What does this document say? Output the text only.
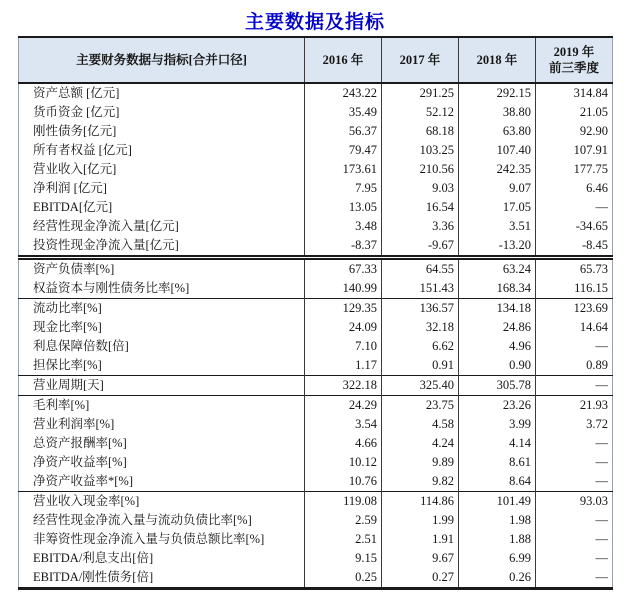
主要数据及指标
主要财务数据与指标[合并口径]	2016 年	2017 年	2018 年	2019 年
前三季度

资产总额 [亿元]	243.22	291.25	292.15	314.84
货币资金 [亿元]	35.49	52.12	38.80	21.05
刚性债务[亿元]	56.37	68.18	63.80	92.90
所有者权益 [亿元]	79.47	103.25	107.40	107.91
营业收入[亿元]	173.61	210.56	242.35	177.75
净利润 [亿元]	7.95	9.03	9.07	6.46
EBITDA[亿元]	13.05	16.54	17.05	—
经营性现金净流入量[亿元]	3.48	3.36	3.51	-34.65
投资性现金净流入量[亿元]	-8.37	-9.67	-13.20	-8.45
资产负债率[%]	67.33	64.55	63.24	65.73
权益资本与刚性债务比率[%]	140.99	151.43	168.34	116.15
流动比率[%]	129.35	136.57	134.18	123.69
现金比率[%]	24.09	32.18	24.86	14.64
利息保障倍数[倍]	7.10	6.62	4.96	—
担保比率[%]	1.17	0.91	0.90	0.89
营业周期[天]	322.18	325.40	305.78	—
毛利率[%]	24.29	23.75	23.26	21.93
营业利润率[%]	3.54	4.58	3.99	3.72
总资产报酬率[%]	4.66	4.24	4.14	—
净资产收益率[%]	10.12	9.89	8.61	—
净资产收益率*[%]	10.76	9.82	8.64	—
营业收入现金率[%]	119.08	114.86	101.49	93.03
经营性现金净流入量与流动负债比率[%]	2.59	1.99	1.98	—
非筹资性现金净流入量与负债总额比率[%]	2.51	1.91	1.88	—
EBITDA/利息支出[倍]	9.15	9.67	6.99	—
EBITDA/刚性债务[倍]	0.25	0.27	0.26	—
